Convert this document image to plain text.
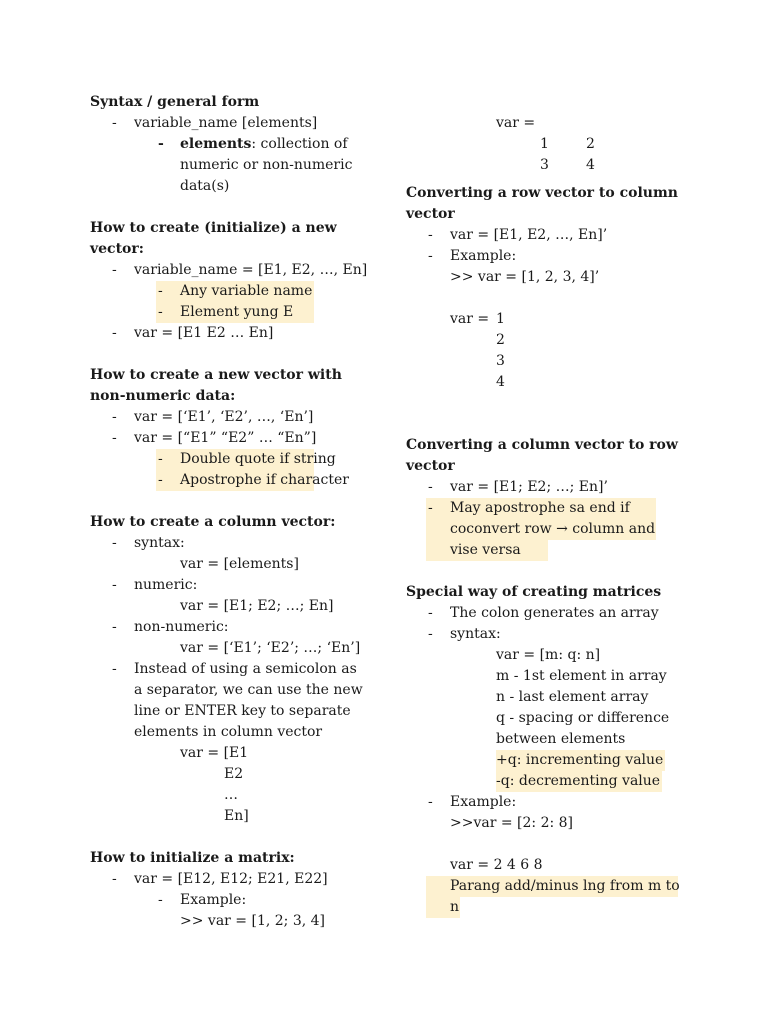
Syntax / general form
- variable_name [elements]
- elements: collection of
numeric or non-numeric
data(s)
How to create (initialize) a new
vector:
- variable_name = [E1, E2, …, En]
- Any variable name
- Element yung E
- var = [E1 E2 … En]
How to create a new vector with
non-numeric data:
- var = [‘E1’, ‘E2’, …, ‘En’]
- var = [“E1” “E2” … “En”]
- Double quote if string
- Apostrophe if character
How to create a column vector:
- syntax:
var = [elements]
- numeric:
var = [E1; E2; …; En]
- non-numeric:
var = [‘E1’; ‘E2’; …; ‘En’]
- Instead of using a semicolon as
a separator, we can use the new
line or ENTER key to separate
elements in column vector
var = [E1
E2
…
En]
How to initialize a matrix:
- var = [E12, E12; E21, E22]
- Example:
>> var = [1, 2; 3, 4]
var =
1	2
3	4
Converting a row vector to column
vector
- var = [E1, E2, …, En]’
- Example:
>> var = [1, 2, 3, 4]’
var = 1
2
3
4
Converting a column vector to row
vector
- var = [E1; E2; …; En]’
- May apostrophe sa end if
coconvert row → column and
vise versa
Special way of creating matrices
- The colon generates an array
- syntax:
var = [m: q: n]
m - 1st element in array
n - last element array
q - spacing or difference
between elements
+q: incrementing value
-q: decrementing value
- Example:
>>var = [2: 2: 8]
var = 2 4 6 8
Parang add/minus lng from m to
n
